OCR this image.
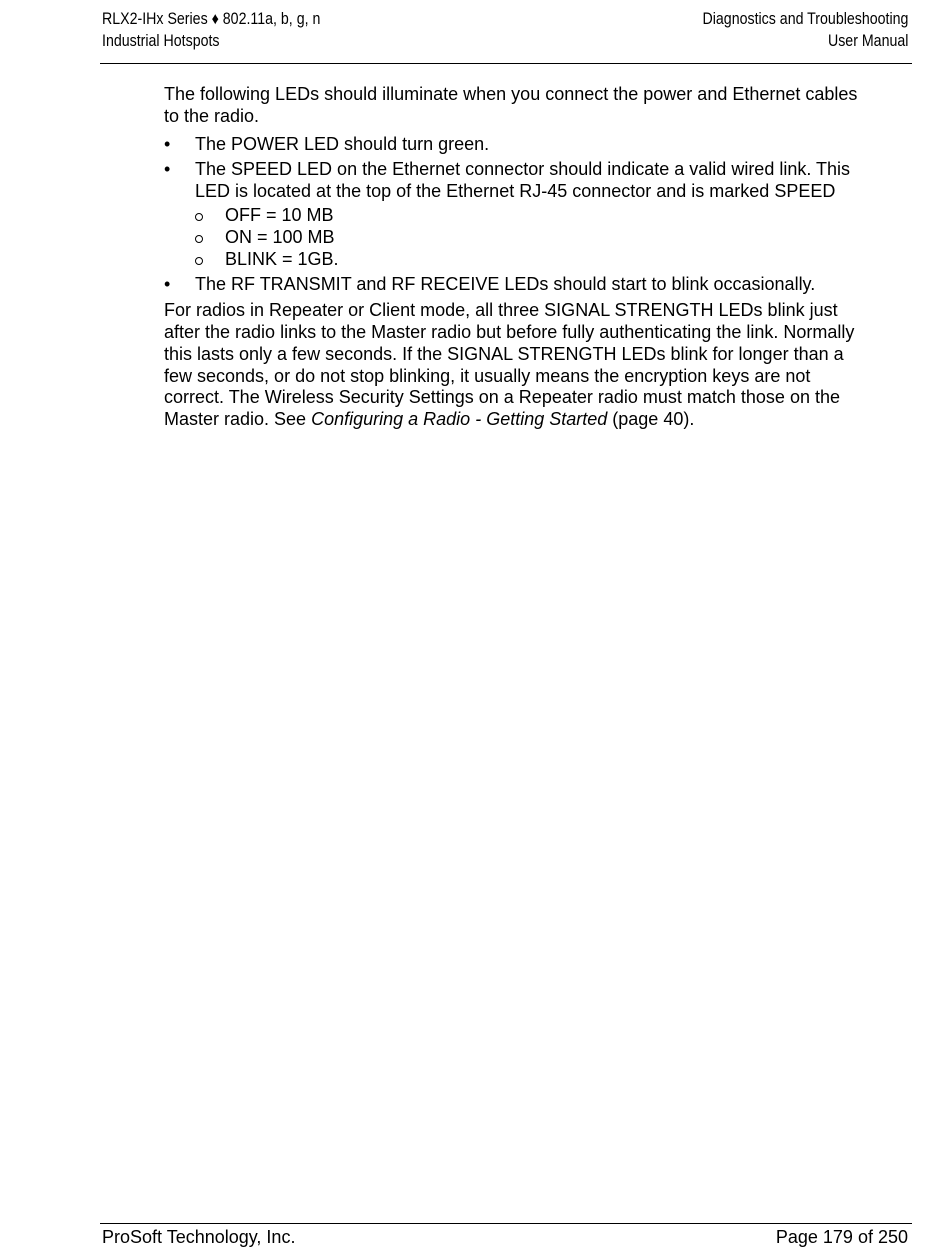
RLX2-IHx Series ♦ 802.11a, b, g, n
Industrial Hotspots
Diagnostics and Troubleshooting
User Manual

The following LEDs should illuminate when you connect the power and Ethernet cables to the radio.

• The POWER LED should turn green.
• The SPEED LED on the Ethernet connector should indicate a valid wired link. This LED is located at the top of the Ethernet RJ-45 connector and is marked SPEED
OFF = 10 MB
ON = 100 MB
BLINK = 1GB.
• The RF TRANSMIT and RF RECEIVE LEDs should start to blink occasionally.

For radios in Repeater or Client mode, all three SIGNAL STRENGTH LEDs blink just after the radio links to the Master radio but before fully authenticating the link. Normally this lasts only a few seconds. If the SIGNAL STRENGTH LEDs blink for longer than a few seconds, or do not stop blinking, it usually means the encryption keys are not correct. The Wireless Security Settings on a Repeater radio must match those on the Master radio. See Configuring a Radio - Getting Started (page 40).

ProSoft Technology, Inc.	Page 179 of 250
